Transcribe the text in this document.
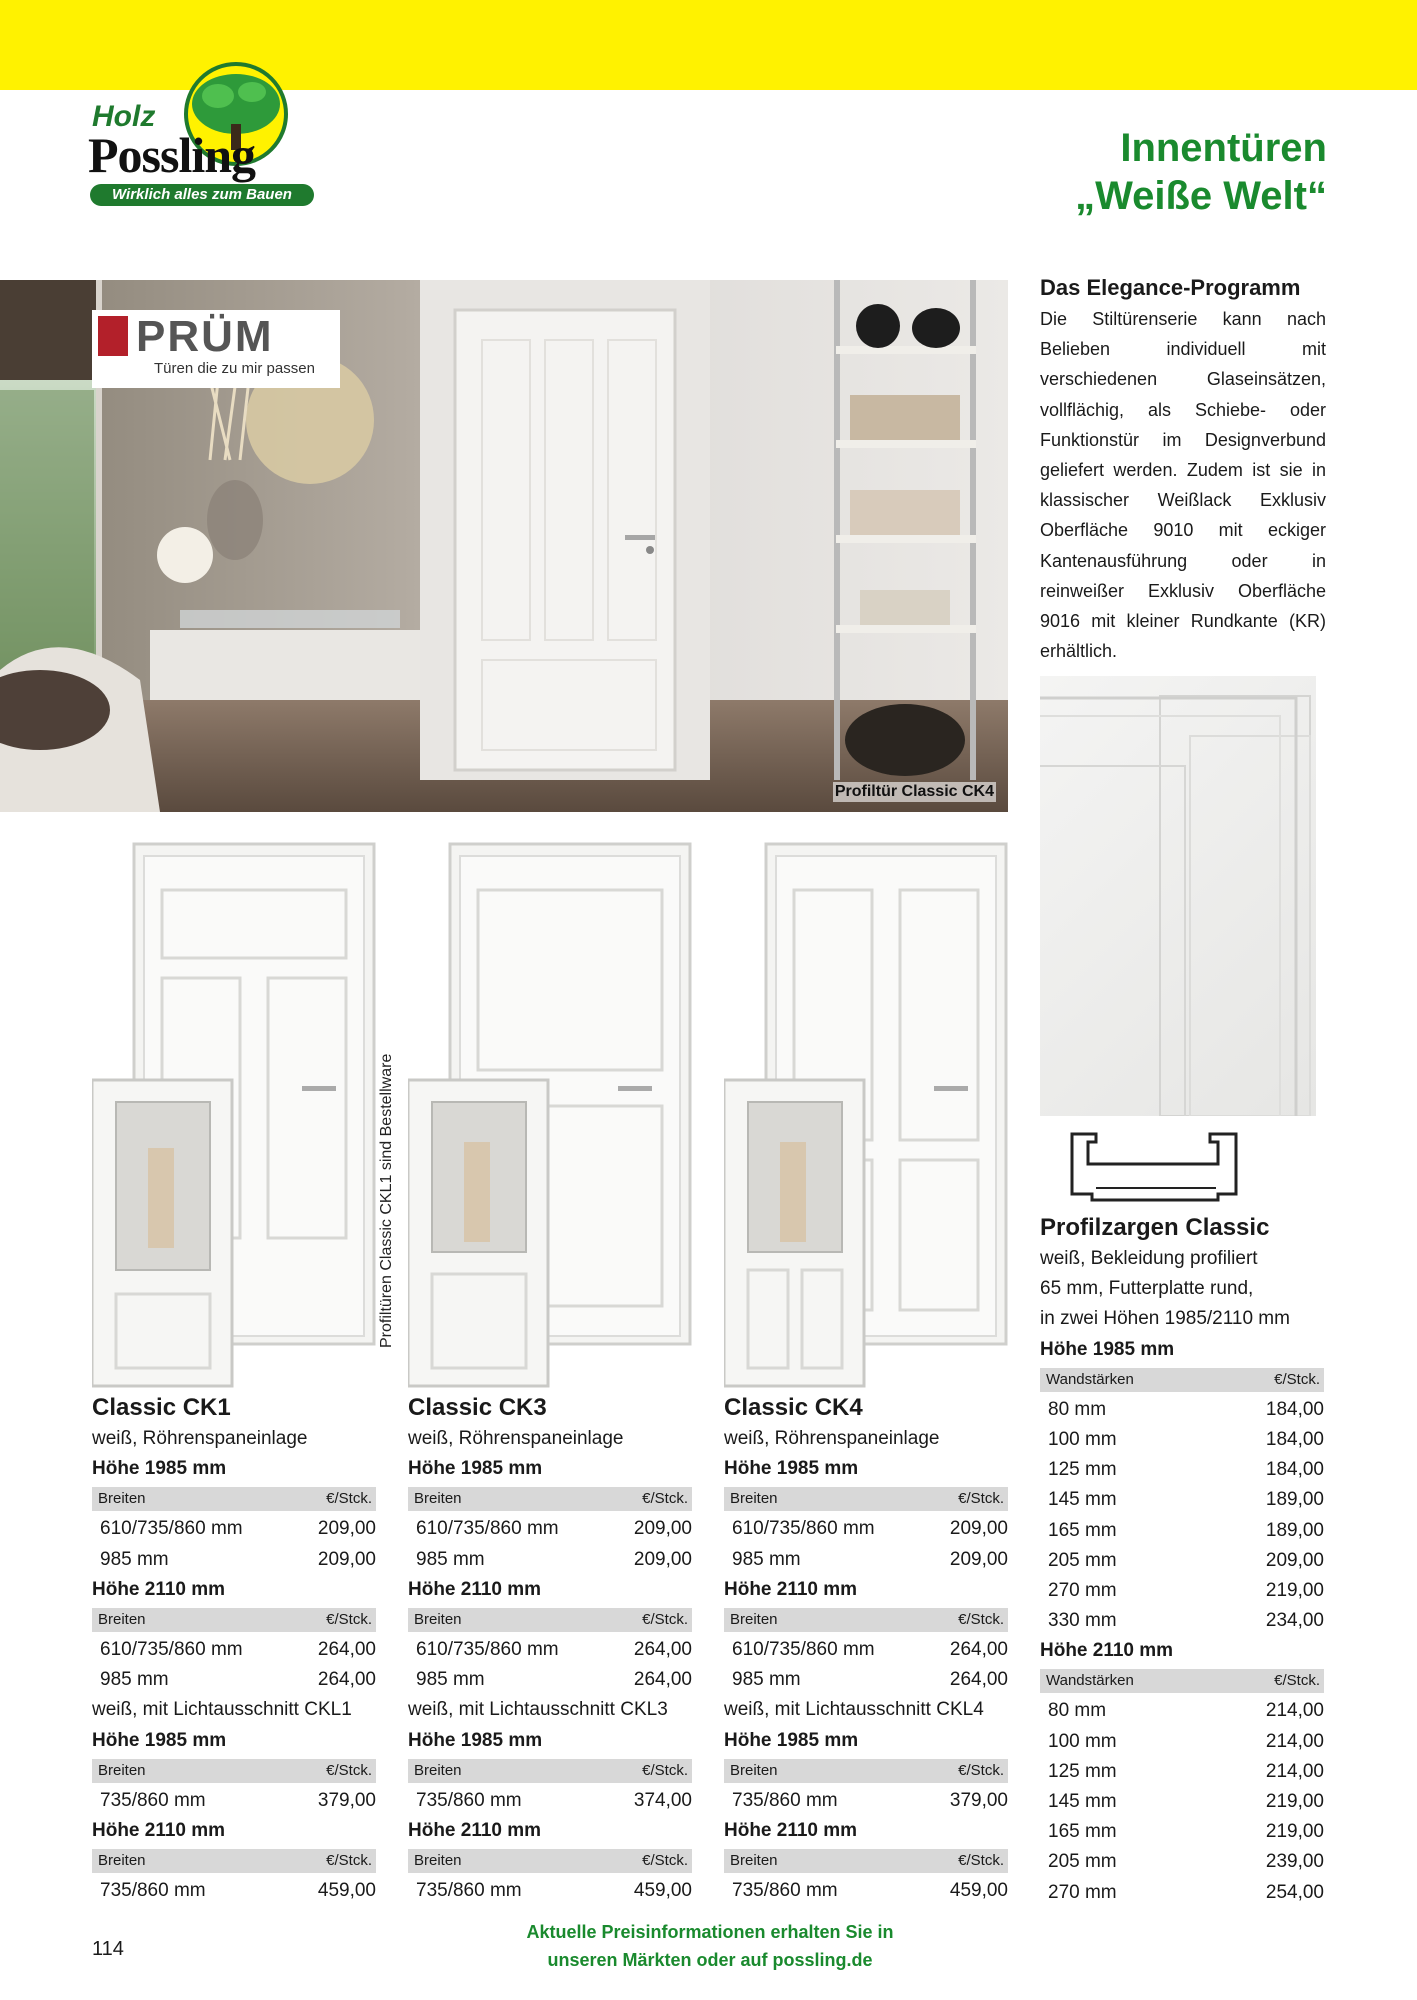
Holz
Possling
Wirklich alles zum Bauen
Innentüren
„Weiße Welt“
PRÜM
Türen die zu mir passen
Profiltür Classic CK4
Das Elegance-Programm

Die Stiltürenserie kann nach Belieben individuell mit verschiedenen Glaseinsätzen, vollflächig, als Schiebe- oder Funktionstür im Designverbund geliefert werden. Zudem ist sie in klassischer Weißlack Exklusiv Oberfläche 9010 mit eckiger Kantenausführung oder in reinweißer Exklusiv Oberfläche 9016 mit kleiner Rundkante (KR) erhältlich.

Profiltüren Classic CKL1 sind Bestellware
Classic CK1
weiß, Röhrenspaneinlage
Höhe 1985 mm
Breiten	€/Stck.
610/735/860 mm	209,00
985 mm	209,00
Höhe 2110 mm
Breiten	€/Stck.
610/735/860 mm	264,00
985 mm	264,00
weiß, mit Lichtausschnitt CKL1
Höhe 1985 mm
Breiten	€/Stck.
735/860 mm	379,00
Höhe 2110 mm
Breiten	€/Stck.
735/860 mm	459,00
Classic CK3
weiß, Röhrenspaneinlage
Höhe 1985 mm
Breiten	€/Stck.
610/735/860 mm	209,00
985 mm	209,00
Höhe 2110 mm
Breiten	€/Stck.
610/735/860 mm	264,00
985 mm	264,00
weiß, mit Lichtausschnitt CKL3
Höhe 1985 mm
Breiten	€/Stck.
735/860 mm	374,00
Höhe 2110 mm
Breiten	€/Stck.
735/860 mm	459,00
Classic CK4
weiß, Röhrenspaneinlage
Höhe 1985 mm
Breiten	€/Stck.
610/735/860 mm	209,00
985 mm	209,00
Höhe 2110 mm
Breiten	€/Stck.
610/735/860 mm	264,00
985 mm	264,00
weiß, mit Lichtausschnitt CKL4
Höhe 1985 mm
Breiten	€/Stck.
735/860 mm	379,00
Höhe 2110 mm
Breiten	€/Stck.
735/860 mm	459,00
Profilzargen Classic
weiß, Bekleidung profiliert
65 mm, Futterplatte rund,
in zwei Höhen 1985/2110 mm
Höhe 1985 mm
Wandstärken	€/Stck.
80 mm	184,00
100 mm	184,00
125 mm	184,00
145 mm	189,00
165 mm	189,00
205 mm	209,00
270 mm	219,00
330 mm	234,00
Höhe 2110 mm
Wandstärken	€/Stck.
80 mm	214,00
100 mm	214,00
125 mm	214,00
145 mm	219,00
165 mm	219,00
205 mm	239,00
270 mm	254,00
114
Aktuelle Preisinformationen erhalten Sie in
unseren Märkten oder auf possling.de
